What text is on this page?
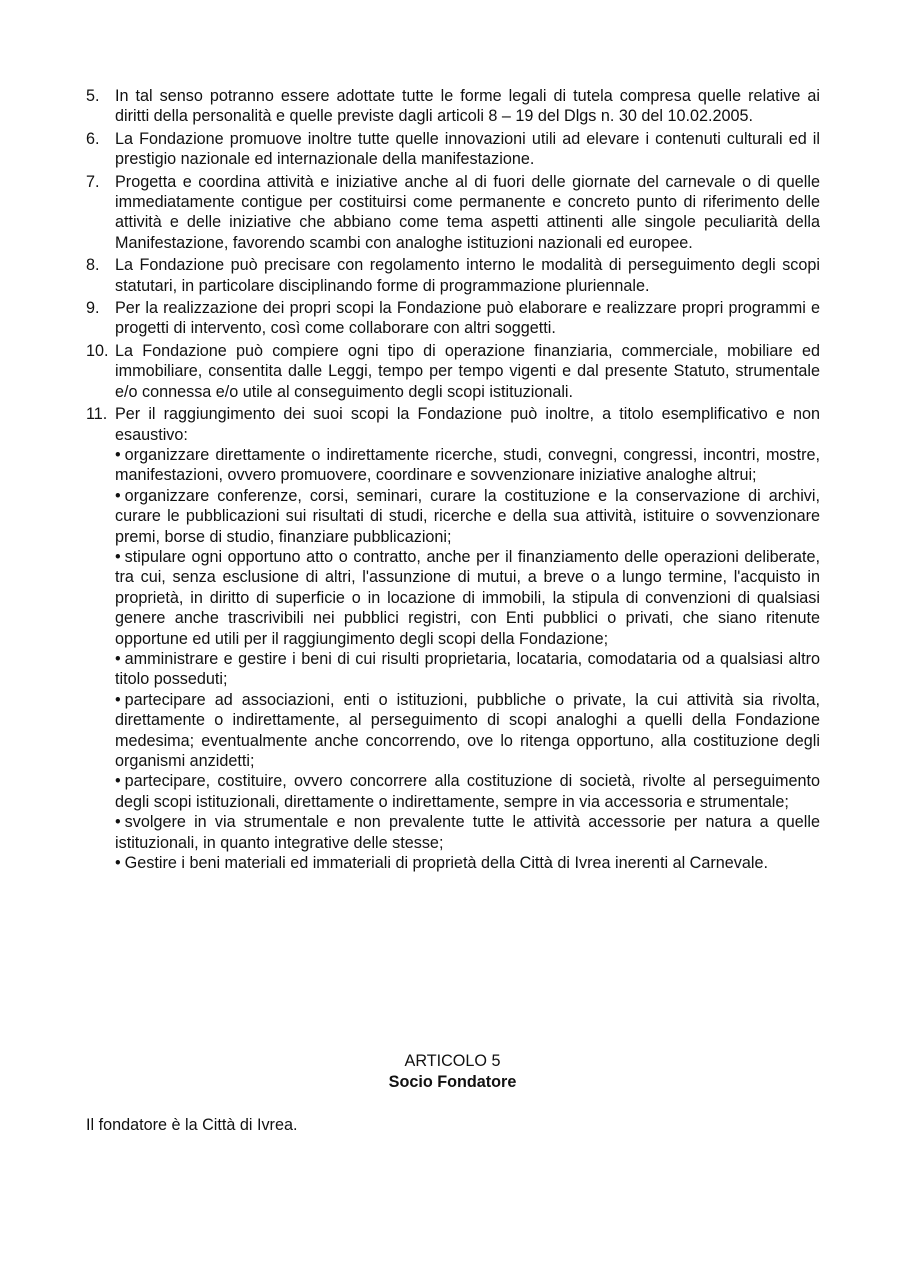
5. In tal senso potranno essere adottate tutte le forme legali di tutela compresa quelle relative ai diritti della personalità e quelle previste dagli articoli 8 – 19 del Dlgs n. 30 del 10.02.2005.
6. La Fondazione promuove inoltre tutte quelle innovazioni utili ad elevare i contenuti culturali ed il prestigio nazionale ed internazionale della manifestazione.
7. Progetta e coordina attività e iniziative anche al di fuori delle giornate del carnevale o di quelle immediatamente contigue per costituirsi come permanente e concreto punto di riferimento delle attività e delle iniziative che abbiano come tema aspetti attinenti alle singole peculiarità della Manifestazione, favorendo scambi con analoghe istituzioni nazionali ed europee.
8. La Fondazione può precisare con regolamento interno le modalità di perseguimento degli scopi statutari, in particolare disciplinando forme di programmazione pluriennale.
9. Per la realizzazione dei propri scopi la Fondazione può elaborare e realizzare propri programmi e progetti di intervento, così come collaborare con altri soggetti.
10. La Fondazione può compiere ogni tipo di operazione finanziaria, commerciale, mobiliare ed immobiliare, consentita dalle Leggi, tempo per tempo vigenti e dal presente Statuto, strumentale e/o connessa e/o utile al conseguimento degli scopi istituzionali.
11. Per il raggiungimento dei suoi scopi la Fondazione può inoltre, a titolo esemplificativo e non esaustivo:
• organizzare direttamente o indirettamente ricerche, studi, convegni, congressi, incontri, mostre, manifestazioni, ovvero promuovere, coordinare e sovvenzionare iniziative analoghe altrui;
• organizzare conferenze, corsi, seminari, curare la costituzione e la conservazione di archivi, curare le pubblicazioni sui risultati di studi, ricerche e della sua attività, istituire o sovvenzionare premi, borse di studio, finanziare pubblicazioni;
• stipulare ogni opportuno atto o contratto, anche per il finanziamento delle operazioni deliberate, tra cui, senza esclusione di altri, l'assunzione di mutui, a breve o a lungo termine, l'acquisto in proprietà, in diritto di superficie o in locazione di immobili, la stipula di convenzioni di qualsiasi genere anche trascrivibili nei pubblici registri, con Enti pubblici o privati, che siano ritenute opportune ed utili per il raggiungimento degli scopi della Fondazione;
• amministrare e gestire i beni di cui risulti proprietaria, locataria, comodataria od a qualsiasi altro titolo posseduti;
• partecipare ad associazioni, enti o istituzioni, pubbliche o private, la cui attività sia rivolta, direttamente o indirettamente, al perseguimento di scopi analoghi a quelli della Fondazione medesima; eventualmente anche concorrendo, ove lo ritenga opportuno, alla costituzione degli organismi anzidetti;
• partecipare, costituire, ovvero concorrere alla costituzione di società, rivolte al perseguimento degli scopi istituzionali, direttamente o indirettamente, sempre in via accessoria e strumentale;
• svolgere in via strumentale e non prevalente tutte le attività accessorie per natura a quelle istituzionali, in quanto integrative delle stesse;
• Gestire i beni materiali ed immateriali di proprietà della Città di Ivrea inerenti al Carnevale.
ARTICOLO 5
Socio Fondatore
Il fondatore è la Città di Ivrea.
